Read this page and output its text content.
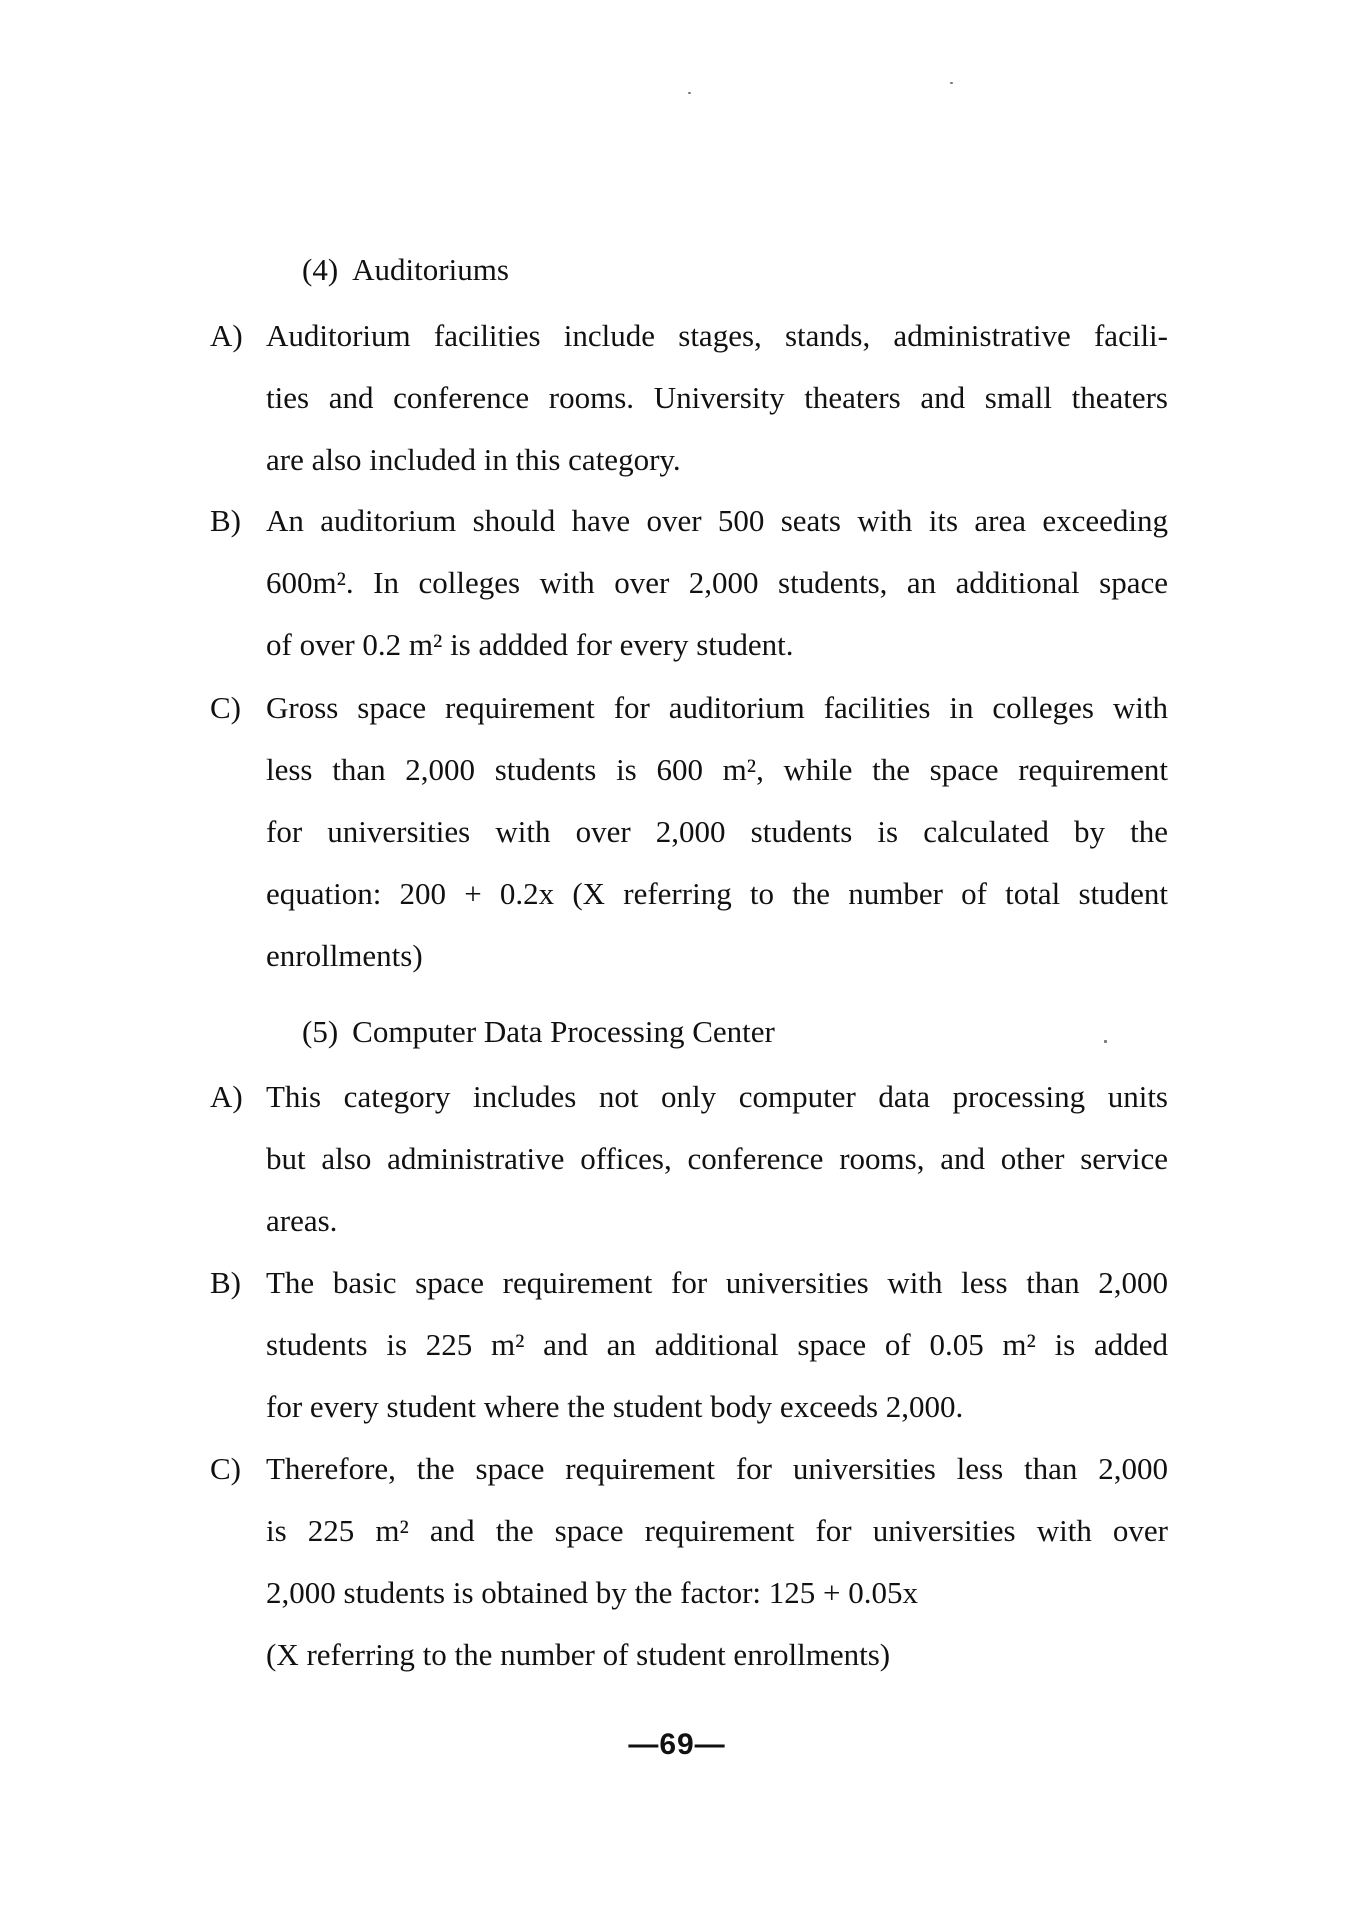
(4) Auditoriums
A) Auditorium facilities include stages, stands, administrative facili-
ties and conference rooms. University theaters and small theaters
are also included in this category.
B) An auditorium should have over 500 seats with its area exceeding
600m². In colleges with over 2,000 students, an additional space
of over 0.2 m² is addded for every student.
C) Gross space requirement for auditorium facilities in colleges with
less than 2,000 students is 600 m², while the space requirement
for universities with over 2,000 students is calculated by the
equation: 200 + 0.2x (X referring to the number of total student
enrollments)
(5) Computer Data Processing Center
A) This category includes not only computer data processing units
but also administrative offices, conference rooms, and other service
areas.
B) The basic space requirement for universities with less than 2,000
students is 225 m² and an additional space of 0.05 m² is added
for every student where the student body exceeds 2,000.
C) Therefore, the space requirement for universities less than 2,000
is 225 m² and the space requirement for universities with over
2,000 students is obtained by the factor: 125 + 0.05x
(X referring to the number of student enrollments)
—69—
